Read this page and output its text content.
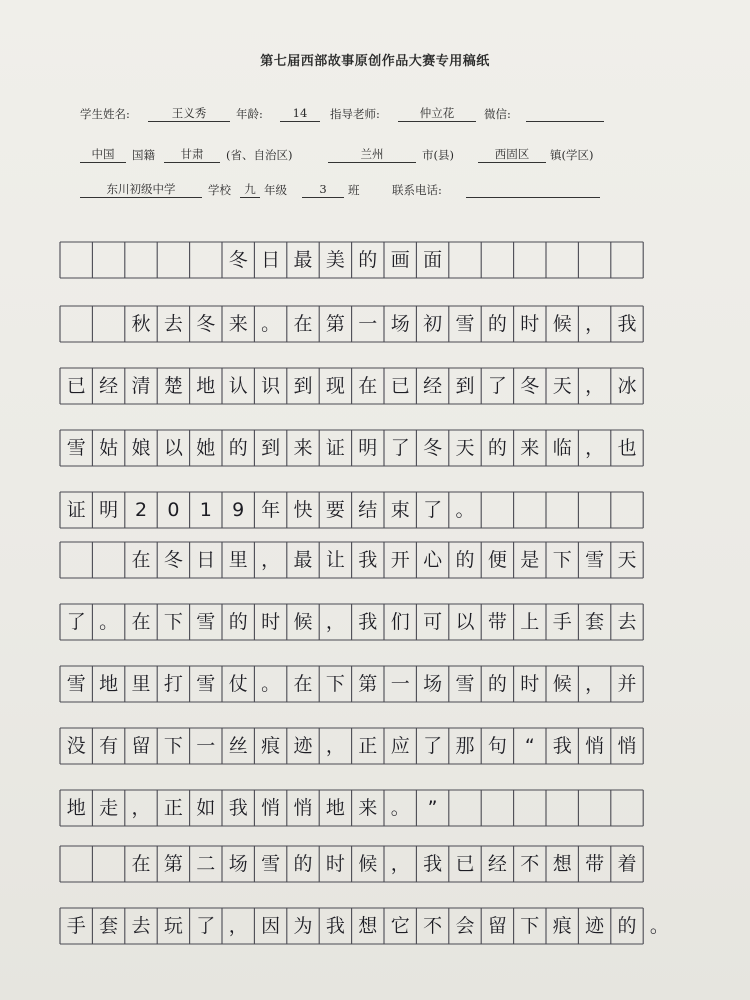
第七届西部故事原创作品大赛专用稿纸
学生姓名:	王义秀	年龄:	14	指导老师:	仲立花	微信:
中国	国籍	甘肃	(省、自治区)	兰州	市(县)	西固区	镇(学区)
东川初级中学	学校	九 年级	3	班	联系电话:
冬 日 最 美 的 画 面
秋 去 冬 来 。 在 第 一 场 初 雪 的 时 候 ， 我
已 经 清 楚 地 认 识 到 现 在 已 经 到 了 冬 天 ， 冰
雪 姑 娘 以 她 的 到 来 证 明 了 冬 天 的 来 临 ， 也
证 明 2 0 1 9 年 快 要 结 束 了 。
在 冬 日 里 ， 最 让 我 开 心 的 便 是 下 雪 天
了 。 在 下 雪 的 时 候 ， 我 们 可 以 带 上 手 套 去
雪 地 里 打 雪 仗 。 在 下 第 一 场 雪 的 时 候 ， 并
没 有 留 下 一 丝 痕 迹 ， 正 应 了 那 句 “ 我 悄 悄
地 走 ， 正 如 我 悄 悄 地 来 。 ”
在 第 二 场 雪 的 时 候 ， 我 已 经 不 想 带 着
手 套 去 玩 了 ， 因 为 我 想 它 不 会 留 下 痕 迹 的 。
